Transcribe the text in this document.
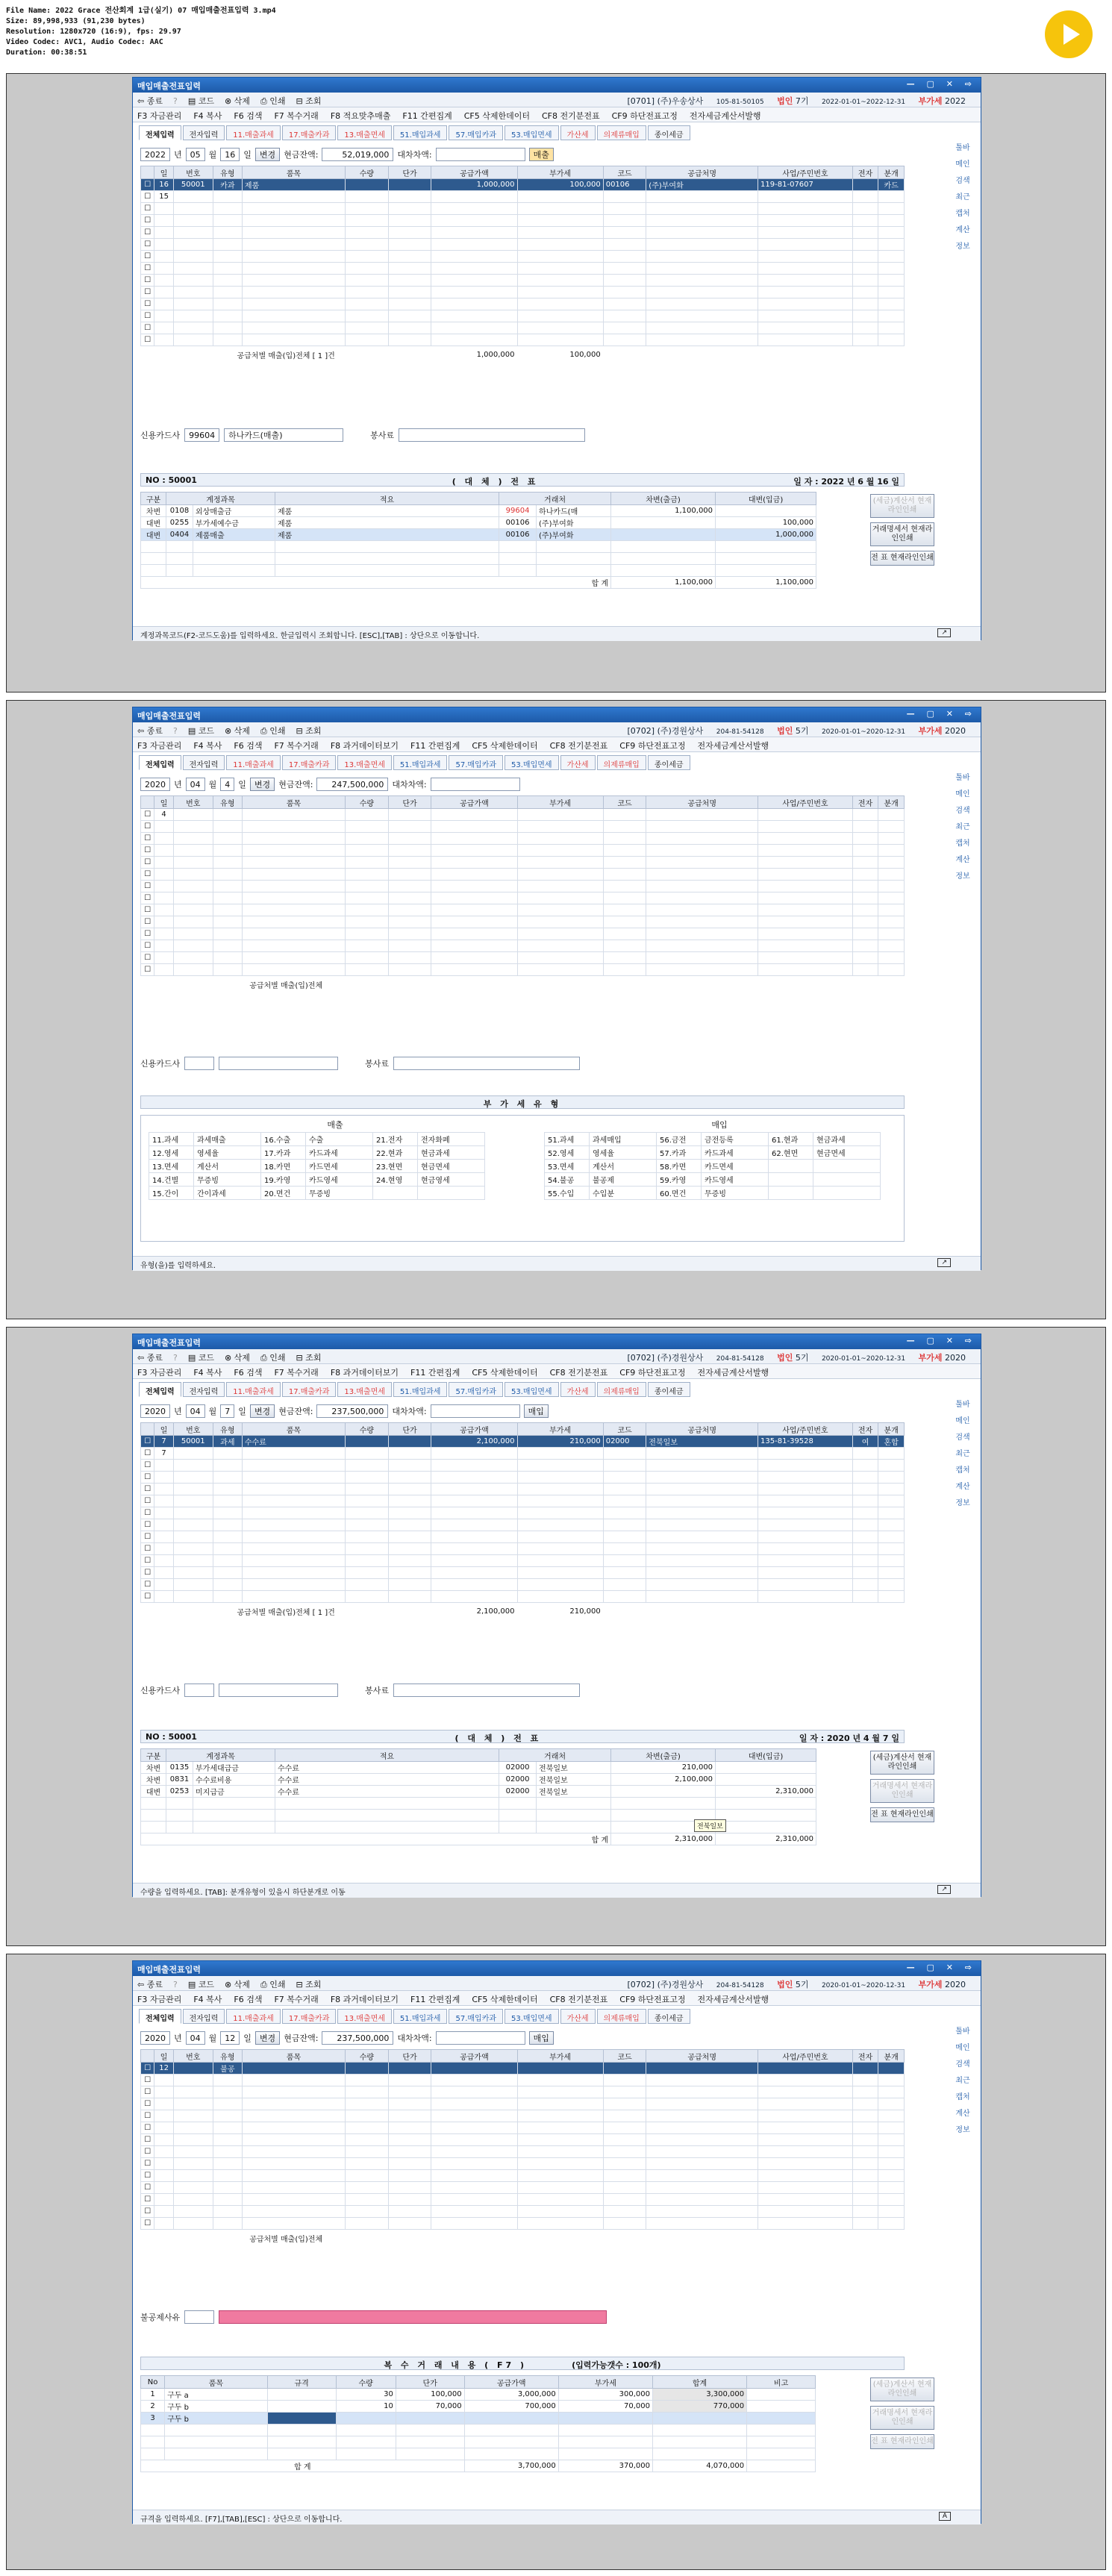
File Name: 2022 Grace 전산회계 1급(실기) 07 매입매출전표입력 3.mp4
Size: 89,998,933 (91,230 bytes)
Resolution: 1280x720 (16:9), fps: 29.97
Video Codec: AVC1, Audio Codec: AAC
Duration: 00:38:51
매입매출전표입력	— ▢ ✕ ⇨
⇦ 종료 ? ▤ 코드 ⊗ 삭제 ⎙ 인쇄 ⊟ 조회	[0701] (주)우송상사 105-81-50105 법인 7기 2022-01-01~2022-12-31 부가세 2022
F3 자금관리 F4 복사 F6 검색 F7 복수거래 F8 적요맞추매출 F11 간편집계 CF5 삭제한데이터 CF8 전기분전표 CF9 하단전표고정 전자세금계산서발행
전체입력	전자입력	11.매출과세	17.매출카과	13.매출면세	51.매입과세	57.매입카과	53.매입면세	가산세	의제류매입	종이세금
2022	년	05	월	16	일	변경	현금잔액:	52,019,000	대차차액:	매출
	일	번호	유형	품목	수량	단가	공급가액	부가세	코드	공급처명	사업/주민번호	전자	분개
☐	16	50001	카과	제품			1,000,000	100,000	00106	(주)부여화	119-81-07607		카드
☐	15												
☐													
☐													
☐													
☐													
☐													
☐													
☐													
☐													
☐													
☐													
☐													
☐													
공급처별 매출(입)전체 [ 1 ]건							1,000,000	100,000					
툴바
메인
검색
최근
캡처
계산
정보
신용카드사	99604	하나카드(매출)	봉사료
NO : 50001	( 대 체 ) 전 표	일 자 : 2022 년 6 월 16 일
구분	계정과목		적요	거래처		차변(출금)	대변(입금)
차변	0108	외상매출금	제품	99604	하나카드(매	1,100,000	
대변	0255	부가세예수금	제품	00106	(주)부여화		100,000
대변	0404	제품매출	제품	00106	(주)부여화		1,000,000

합 계						1,100,000	1,100,000
(세금)계산서 현재라인인쇄
거래명세서 현재라인인쇄
전 표 현재라인인쇄
계정과목코드(F2-코드도움)를 입력하세요. 한글입력시 조회합니다. [ESC],[TAB] : 상단으로 이동합니다.	↗
매입매출전표입력	— ▢ ✕ ⇨
⇦ 종료 ? ▤ 코드 ⊗ 삭제 ⎙ 인쇄 ⊟ 조회	[0702] (주)경원상사 204-81-54128 법인 5기 2020-01-01~2020-12-31 부가세 2020
F3 자금관리 F4 복사 F6 검색 F7 복수거래 F8 과거데이터보기 F11 간편집계 CF5 삭제한데이터 CF8 전기분전표 CF9 하단전표고정 전자세금계산서발행
전체입력	전자입력	11.매출과세	17.매출카과	13.매출면세	51.매입과세	57.매입카과	53.매입면세	가산세	의제류매입	종이세금
2020	년	04	월	4	일	변경	현금잔액:	247,500,000	대차차액:
	일	번호	유형	품목	수량	단가	공급가액	부가세	코드	공급처명	사업/주민번호	전자	분개
☐	4												
☐													
☐													
☐													
☐													
☐													
☐													
☐													
☐													
☐													
☐													
☐													
☐													
☐													
공급처별 매출(입)전체													
툴바
메인
검색
최근
캡처
계산
정보
신용카드사	봉사료
부 가 세 유 형
매출	매입
11.과세	과세매출	16.수출	수출	21.전자	전자화폐
12.영세	영세율	17.카과	카드과세	22.현과	현금과세
13.면세	계산서	18.카면	카드면세	23.현면	현금면세
14.건별	무증빙	19.카영	카드영세	24.현영	현금영세
15.간이	간이과세	20.면건	무증빙		
51.과세	과세매입	56.금전	금전등록	61.현과	현금과세
52.영세	영세율	57.카과	카드과세	62.현면	현금면세
53.면세	계산서	58.카면	카드면세		
54.불공	불공제	59.카영	카드영세		
55.수입	수입분	60.면건	무증빙		
유형(을)를 입력하세요.	↗
매입매출전표입력	— ▢ ✕ ⇨
⇦ 종료 ? ▤ 코드 ⊗ 삭제 ⎙ 인쇄 ⊟ 조회	[0702] (주)경원상사 204-81-54128 법인 5기 2020-01-01~2020-12-31 부가세 2020
F3 자금관리 F4 복사 F6 검색 F7 복수거래 F8 과거데이터보기 F11 간편집계 CF5 삭제한데이터 CF8 전기분전표 CF9 하단전표고정 전자세금계산서발행
전체입력	전자입력	11.매출과세	17.매출카과	13.매출면세	51.매입과세	57.매입카과	53.매입면세	가산세	의제류매입	종이세금
2020	년	04	월	7	일	변경	현금잔액:	237,500,000	대차차액:	매입
	일	번호	유형	품목	수량	단가	공급가액	부가세	코드	공급처명	사업/주민번호	전자	분개
☐	7	50001	과세	수수료			2,100,000	210,000	02000	전북일보	135-81-39528	여	혼합
☐	7												
☐													
☐													
☐													
☐													
☐													
☐													
☐													
☐													
☐													
☐													
☐													
☐													
공급처별 매출(입)전체 [ 1 ]건							2,100,000	210,000					
툴바
메인
검색
최근
캡처
계산
정보
신용카드사	봉사료
NO : 50001	( 대 체 ) 전 표	일 자 : 2020 년 4 월 7 일
구분	계정과목		적요	거래처		차변(출금)	대변(입금)
차변	0135	부가세대급금	수수료	02000	전북일보	210,000	
차변	0831	수수료비용	수수료	02000	전북일보	2,100,000	
대변	0253	미지급금	수수료	02000	전북일보		2,310,000

합 계						2,310,000	2,310,000
전북일보
(세금)계산서 현재라인인쇄
거래명세서 현재라인인쇄
전 표 현재라인인쇄
수량을 입력하세요. [TAB]: 분개유형이 있을시 하단분개로 이동	↗
매입매출전표입력	— ▢ ✕ ⇨
⇦ 종료 ? ▤ 코드 ⊗ 삭제 ⎙ 인쇄 ⊟ 조회	[0702] (주)경원상사 204-81-54128 법인 5기 2020-01-01~2020-12-31 부가세 2020
F3 자금관리 F4 복사 F6 검색 F7 복수거래 F8 과거데이터보기 F11 간편집계 CF5 삭제한데이터 CF8 전기분전표 CF9 하단전표고정 전자세금계산서발행
전체입력	전자입력	11.매출과세	17.매출카과	13.매출면세	51.매입과세	57.매입카과	53.매입면세	가산세	의제류매입	종이세금
2020	년	04	월	12	일	변경	현금잔액:	237,500,000	대차차액:	매입
	일	번호	유형	품목	수량	단가	공급가액	부가세	코드	공급처명	사업/주민번호	전자	분개
☐	12		불공										
☐													
☐													
☐													
☐													
☐													
☐													
☐													
☐													
☐													
☐													
☐													
☐													
☐													
공급처별 매출(입)전체													
툴바
메인
검색
최근
캡처
계산
정보
불공제사유
복 수 거 래 내 용 ( F7 )	(입력가능갯수 : 100개)
No	품목	규격	수량	단가	공급가액	부가세	합계	비고
1	구두 a		30	100,000	3,000,000	300,000	3,300,000	
2	구두 b		10	70,000	700,000	70,000	770,000	
3	구두 b							

합 계					3,700,000	370,000	4,070,000	
(세금)계산서 현재라인인쇄
거래명세서 현재라인인쇄
전 표 현재라인인쇄
규격을 입력하세요. [F7],[TAB],[ESC] : 상단으로 이동합니다.	A
